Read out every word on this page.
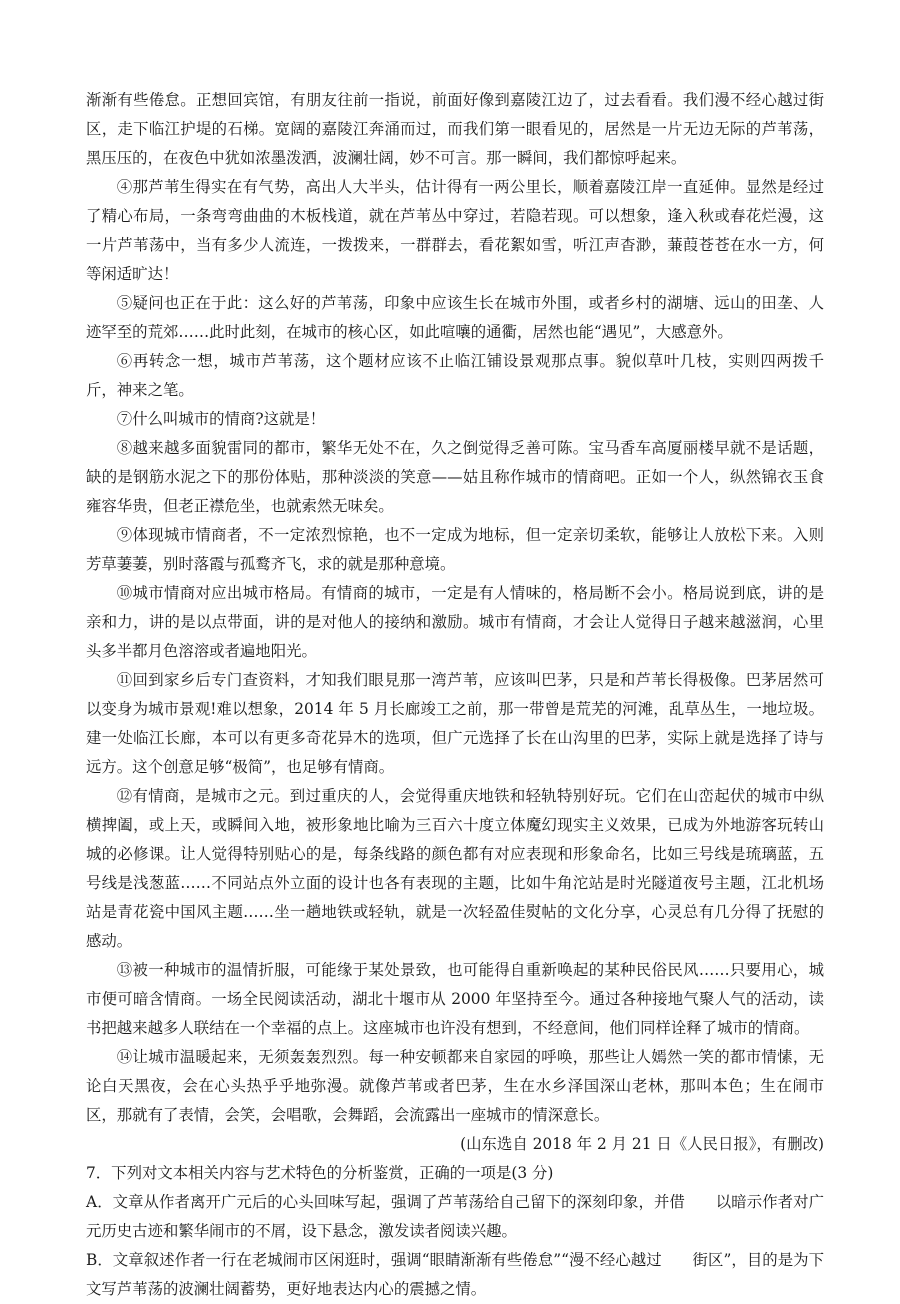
渐渐有些倦怠。正想回宾馆，有朋友往前一指说，前面好像到嘉陵江边了，过去看看。我们漫不经心越过街区，走下临江护堤的石梯。宽阔的嘉陵江奔涌而过，而我们第一眼看见的，居然是一片无边无际的芦苇荡，黑压压的，在夜色中犹如浓墨泼洒，波澜壮阔，妙不可言。那一瞬间，我们都惊呼起来。

④那芦苇生得实在有气势，高出人大半头，估计得有一两公里长，顺着嘉陵江岸一直延伸。显然是经过了精心布局，一条弯弯曲曲的木板栈道，就在芦苇丛中穿过，若隐若现。可以想象，逢入秋或春花烂漫，这一片芦苇荡中，当有多少人流连，一拨拨来，一群群去，看花絮如雪，听江声杳渺，蒹葭苍苍在水一方，何等闲适旷达！

⑤疑问也正在于此：这么好的芦苇荡，印象中应该生长在城市外围，或者乡村的湖塘、远山的田垄、人迹罕至的荒郊……此时此刻，在城市的核心区，如此喧嚷的通衢，居然也能“遇见”，大感意外。

⑥再转念一想，城市芦苇荡，这个题材应该不止临江铺设景观那点事。貌似草叶几枝，实则四两拨千斤，神来之笔。

⑦什么叫城市的情商?这就是！

⑧越来越多面貌雷同的都市，繁华无处不在，久之倒觉得乏善可陈。宝马香车高厦丽楼早就不是话题，缺的是钢筋水泥之下的那份体贴，那种淡淡的笑意——姑且称作城市的情商吧。正如一个人，纵然锦衣玉食雍容华贵，但老正襟危坐，也就索然无味矣。

⑨体现城市情商者，不一定浓烈惊艳，也不一定成为地标，但一定亲切柔软，能够让人放松下来。入则芳草萋萋，别时落霞与孤鹜齐飞，求的就是那种意境。

⑩城市情商对应出城市格局。有情商的城市，一定是有人情味的，格局断不会小。格局说到底，讲的是亲和力，讲的是以点带面，讲的是对他人的接纳和激励。城市有情商，才会让人觉得日子越来越滋润，心里头多半都月色溶溶或者遍地阳光。

⑪回到家乡后专门查资料，才知我们眼見那一湾芦苇，应该叫巴茅，只是和芦苇长得极像。巴茅居然可以变身为城市景观!难以想象，2014 年 5 月长廊竣工之前，那一带曾是荒芜的河滩，乱草丛生，一地垃圾。建一处临江长廊，本可以有更多奇花异木的选项，但广元选择了长在山沟里的巴茅，实际上就是选择了诗与远方。这个创意足够“极简”，也足够有情商。

⑫有情商，是城市之元。到过重庆的人，会觉得重庆地铁和轻轨特别好玩。它们在山峦起伏的城市中纵横捭阖，或上天，或瞬间入地，被形象地比喻为三百六十度立体魔幻现实主义效果，已成为外地游客玩转山城的必修课。让人觉得特别贴心的是，每条线路的颜色都有对应表现和形象命名，比如三号线是琉璃蓝，五号线是浅葱蓝……不同站点外立面的设计也各有表现的主题，比如牛角沱站是时光隧道夜号主题，江北机场站是青花瓷中国风主题……坐一趟地铁或轻轨，就是一次轻盈佳熨帖的文化分享，心灵总有几分得了抚慰的感动。

⑬被一种城市的温情折服，可能缘于某处景致，也可能得自重新唤起的某种民俗民风……只要用心，城市便可暗含情商。一场全民阅读活动，湖北十堰市从 2000 年坚持至今。通过各种接地气聚人气的活动，读书把越来越多人联结在一个幸福的点上。这座城市也许没有想到，不经意间，他们同样诠释了城市的情商。

⑭让城市温暖起来，无须轰轰烈烈。每一种安顿都来自家园的呼唤，那些让人嫣然一笑的都市情愫，无论白天黑夜，会在心头热乎乎地弥漫。就像芦苇或者巴茅，生在水乡泽国深山老林，那叫本色；生在闹市区，那就有了表情，会笑，会唱歌，会舞蹈，会流露出一座城市的情深意长。

(山东选自 2018 年 2 月 21 日《人民日报》，有删改)

7．下列对文本相关内容与艺术特色的分析鉴赏，正确的一项是(3 分)

A．文章从作者离开广元后的心头回味写起，强调了芦苇荡给自己留下的深刻印象，并借　　以暗示作者对广元历史古迹和繁华闹市的不屑，设下悬念，激发读者阅读兴趣。

B．文章叙述作者一行在老城闹市区闲逛时，强调“眼睛渐渐有些倦怠”“漫不经心越过　　街区”，目的是为下文写芦苇荡的波澜壮阔蓄势，更好地表达内心的震撼之情。
